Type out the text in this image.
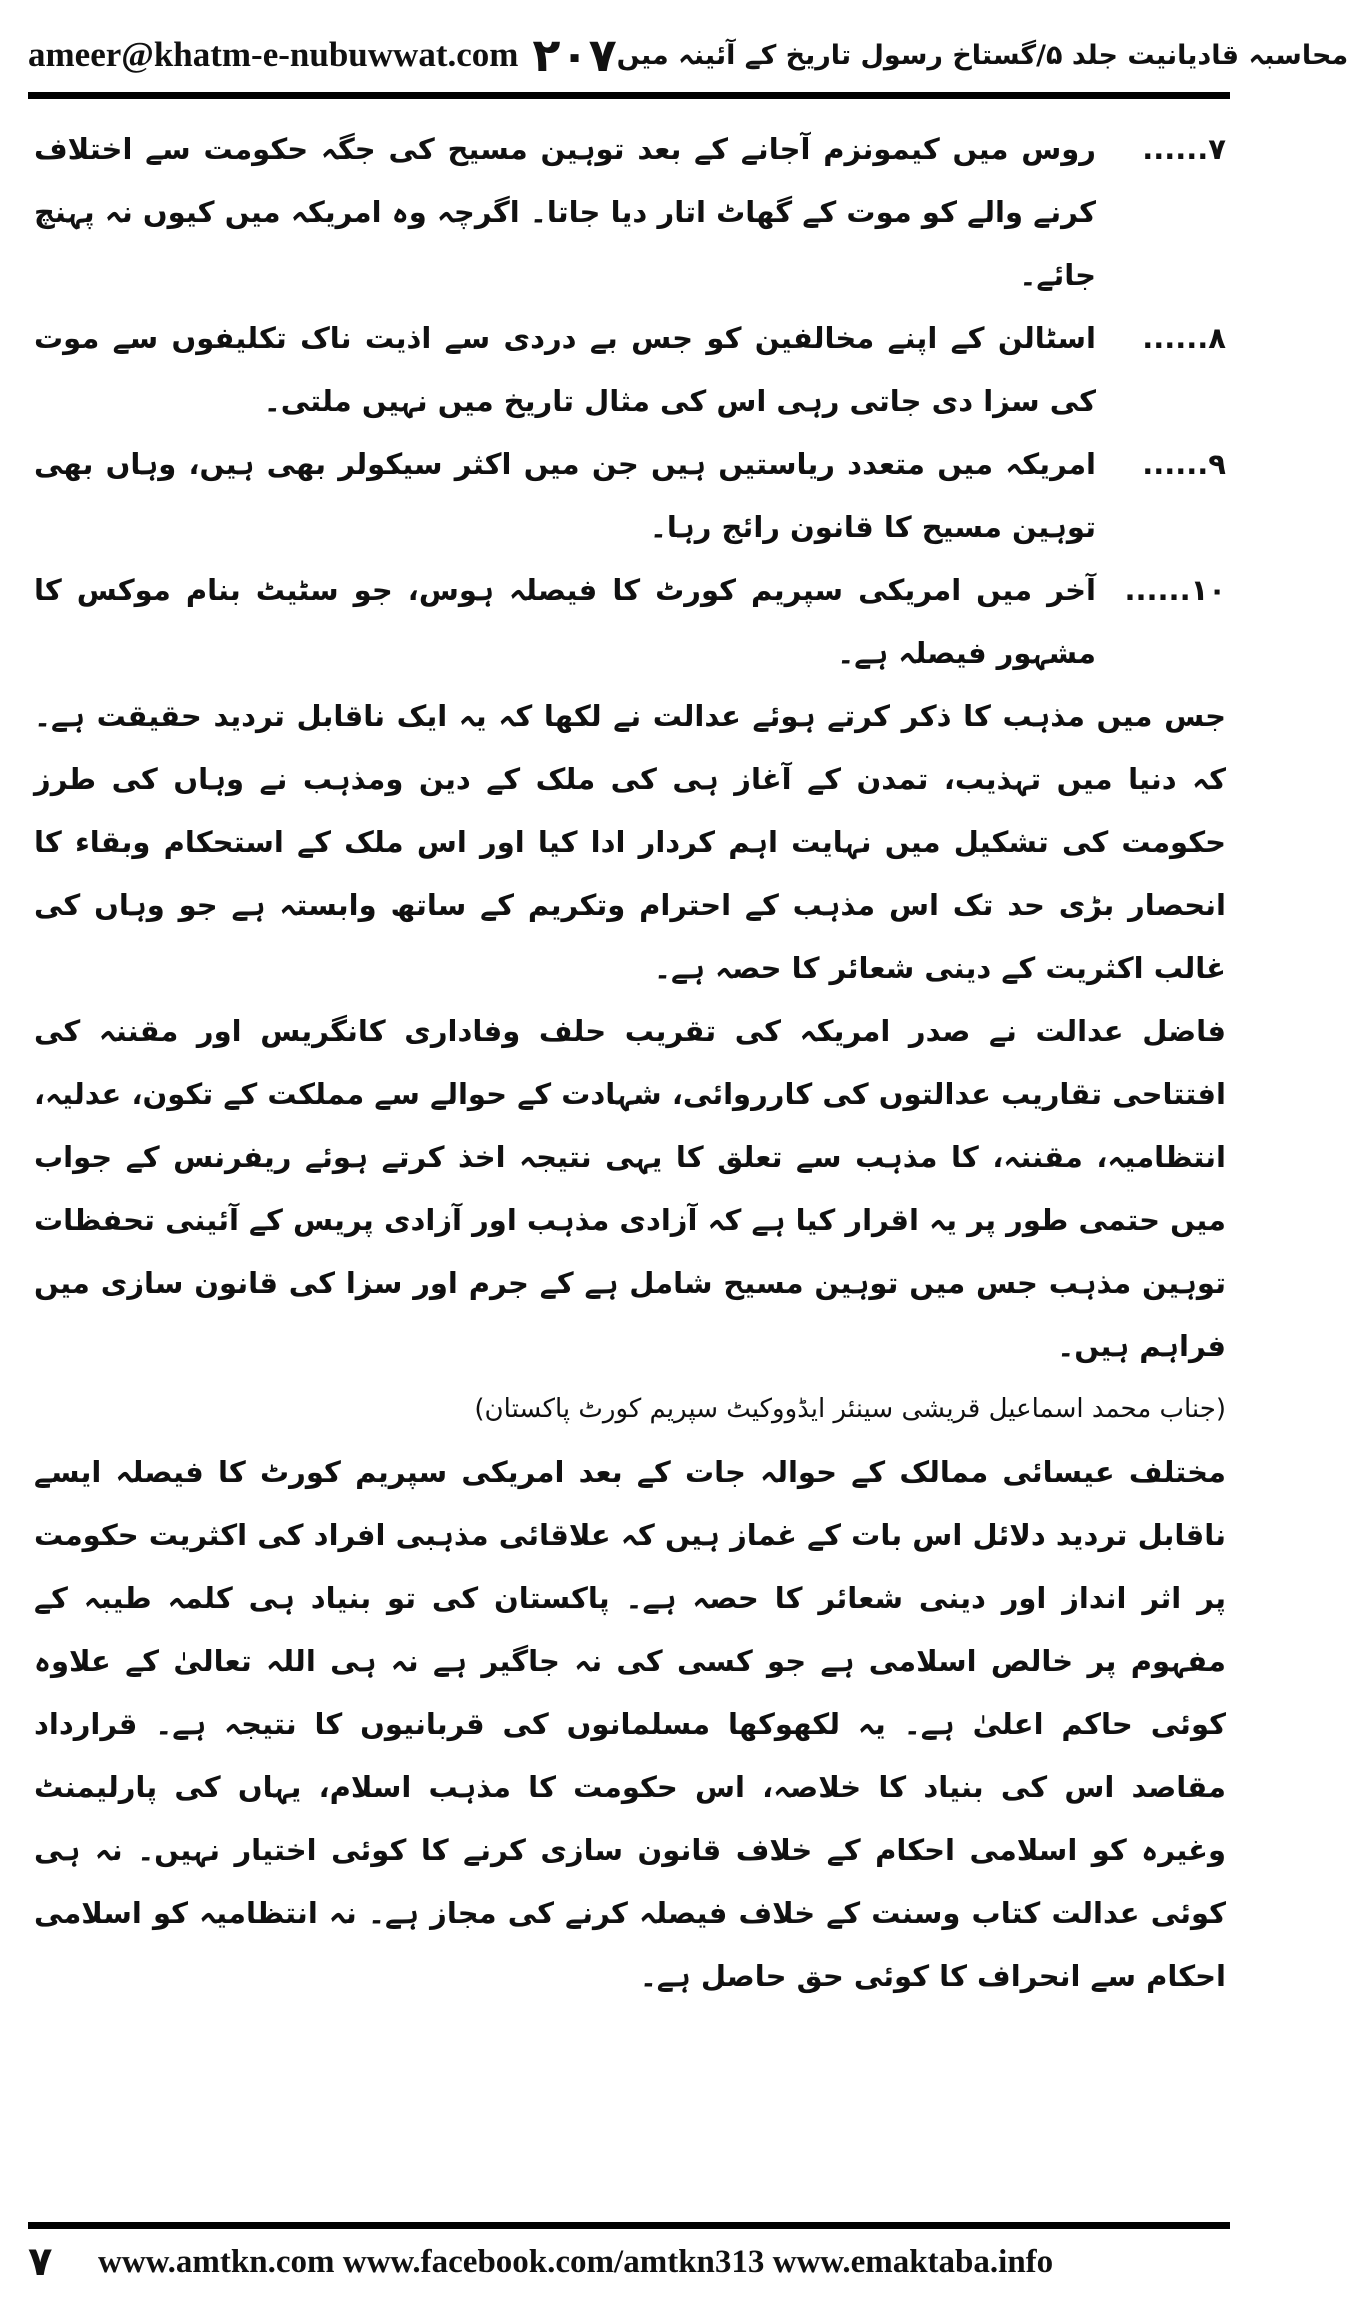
ameer@khatm-e-nubuwwat.com ۲۰۷ محاسبہ قادیانیت جلد ۵/گستاخ رسول تاریخ کے آئینہ میں
۷......
روس میں کیمونزم آجانے کے بعد توہین مسیح کی جگہ حکومت سے اختلاف کرنے والے کو موت کے گھاٹ اتار دیا جاتا۔ اگرچہ وہ امریکہ میں کیوں نہ پہنچ جائے۔
۸......
اسٹالن کے اپنے مخالفین کو جس بے دردی سے اذیت ناک تکلیفوں سے موت کی سزا دی جاتی رہی اس کی مثال تاریخ میں نہیں ملتی۔
۹......
امریکہ میں متعدد ریاستیں ہیں جن میں اکثر سیکولر بھی ہیں، وہاں بھی توہین مسیح کا قانون رائج رہا۔
۱۰......
آخر میں امریکی سپریم کورٹ کا فیصلہ ہوس، جو سٹیٹ بنام موکس کا مشہور فیصلہ ہے۔

جس میں مذہب کا ذکر کرتے ہوئے عدالت نے لکھا کہ یہ ایک ناقابل تردید حقیقت ہے۔ کہ دنیا میں تہذیب، تمدن کے آغاز ہی کی ملک کے دین ومذہب نے وہاں کی طرز حکومت کی تشکیل میں نہایت اہم کردار ادا کیا اور اس ملک کے استحکام وبقاء کا انحصار بڑی حد تک اس مذہب کے احترام وتکریم کے ساتھ وابستہ ہے جو وہاں کی غالب اکثریت کے دینی شعائر کا حصہ ہے۔

فاضل عدالت نے صدر امریکہ کی تقریب حلف وفاداری کانگریس اور مقننہ کی افتتاحی تقاریب عدالتوں کی کارروائی، شہادت کے حوالے سے مملکت کے تکون، عدلیہ، انتظامیہ، مقننہ، کا مذہب سے تعلق کا یہی نتیجہ اخذ کرتے ہوئے ریفرنس کے جواب میں حتمی طور پر یہ اقرار کیا ہے کہ آزادی مذہب اور آزادی پریس کے آئینی تحفظات توہین مذہب جس میں توہین مسیح شامل ہے کے جرم اور سزا کی قانون سازی میں فراہم ہیں۔

(جناب محمد اسماعیل قریشی سینئر ایڈووکیٹ سپریم کورٹ پاکستان)

مختلف عیسائی ممالک کے حوالہ جات کے بعد امریکی سپریم کورٹ کا فیصلہ ایسے ناقابل تردید دلائل اس بات کے غماز ہیں کہ علاقائی مذہبی افراد کی اکثریت حکومت پر اثر انداز اور دینی شعائر کا حصہ ہے۔ پاکستان کی تو بنیاد ہی کلمہ طیبہ کے مفہوم پر خالص اسلامی ہے جو کسی کی نہ جاگیر ہے نہ ہی اللہ تعالیٰ کے علاوہ کوئی حاکم اعلیٰ ہے۔ یہ لکھوکھا مسلمانوں کی قربانیوں کا نتیجہ ہے۔ قرارداد مقاصد اس کی بنیاد کا خلاصہ، اس حکومت کا مذہب اسلام، یہاں کی پارلیمنٹ وغیرہ کو اسلامی احکام کے خلاف قانون سازی کرنے کا کوئی اختیار نہیں۔ نہ ہی کوئی عدالت کتاب وسنت کے خلاف فیصلہ کرنے کی مجاز ہے۔ نہ انتظامیہ کو اسلامی احکام سے انحراف کا کوئی حق حاصل ہے۔

۷	www.amtkn.com www.facebook.com/amtkn313 www.emaktaba.info
